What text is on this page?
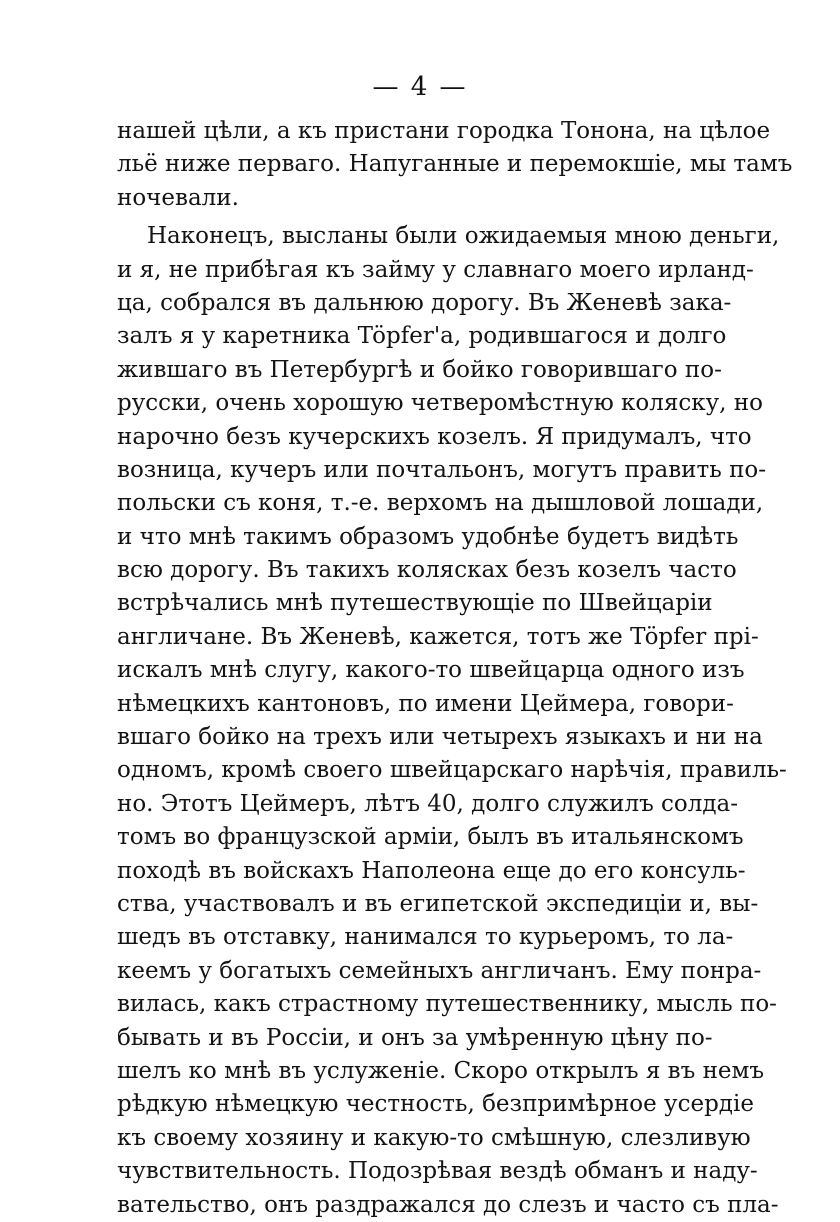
— 4 —
нашей цѣли, а къ пристани городка Тонона, на цѣлое
льё ниже перваго. Напуганные и перемокшіе, мы тамъ
ночевали.
Наконецъ, высланы были ожидаемыя мною деньги,
и я, не прибѣгая къ займу у славнаго моего ирланд-
ца, собрался въ дальнюю дорогу. Въ Женевѣ зака-
залъ я у каретника Töpfer'а, родившагося и долго
жившаго въ Петербургѣ и бойко говорившаго по-
русски, очень хорошую четверомѣстную коляску, но
нарочно безъ кучерскихъ козелъ. Я придумалъ, что
возница, кучеръ или почтальонъ, могутъ править по-
польски съ коня, т.-е. верхомъ на дышловой лошади,
и что мнѣ такимъ образомъ удобнѣе будетъ видѣть
всю дорогу. Въ такихъ колясках безъ козелъ часто
встрѣчались мнѣ путешествующіе по Швейцаріи
англичане. Въ Женевѣ, кажется, тотъ же Töpfer прі-
искалъ мнѣ слугу, какого-то швейцарца одного изъ
нѣмецкихъ кантоновъ, по имени Цеймера, говори-
вшаго бойко на трехъ или четырехъ языкахъ и ни на
одномъ, кромѣ своего швейцарскаго нарѣчія, правиль-
но. Этотъ Цеймеръ, лѣтъ 40, долго служилъ солда-
томъ во французской арміи, былъ въ итальянскомъ
походѣ въ войскахъ Наполеона еще до его консуль-
ства, участвовалъ и въ египетской экспедиціи и, вы-
шедъ въ отставку, нанимался то курьеромъ, то ла-
кеемъ у богатыхъ семейныхъ англичанъ. Ему понра-
вилась, какъ страстному путешественнику, мысль по-
бывать и въ Россіи, и онъ за умѣренную цѣну по-
шелъ ко мнѣ въ услуженіе. Скоро открылъ я въ немъ
рѣдкую нѣмецкую честность, безпримѣрное усердіе
къ своему хозяину и какую-то смѣшную, слезливую
чувствительность. Подозрѣвая вездѣ обманъ и наду-
вательство, онъ раздражался до слезъ и часто съ пла-
